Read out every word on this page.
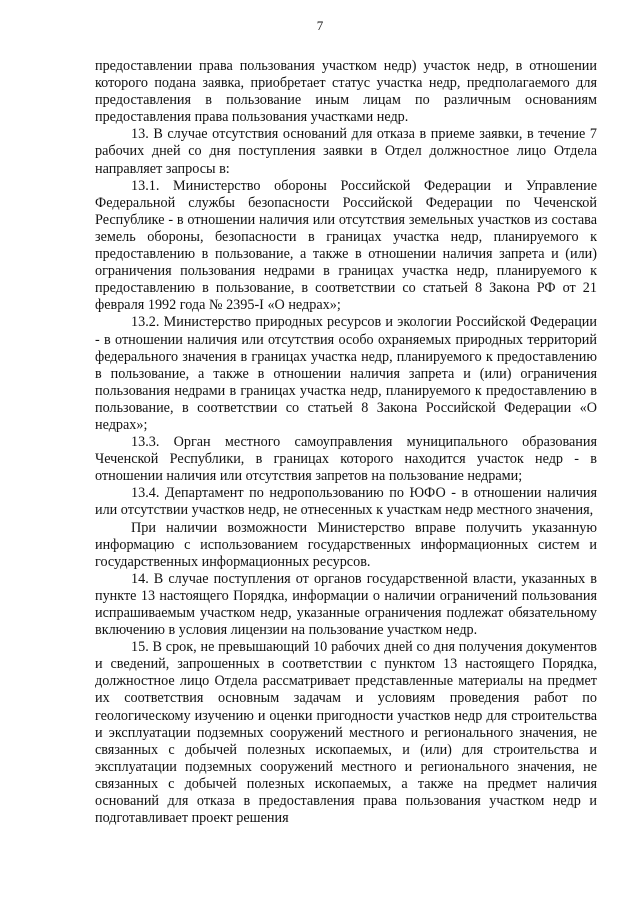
7

предоставлении права пользования участком недр) участок недр, в отношении которого подана заявка, приобретает статус участка недр, предполагаемого для предоставления в пользование иным лицам по различным основаниям предоставления права пользования участками недр.

13. В случае отсутствия оснований для отказа в приеме заявки, в течение 7 рабочих дней со дня поступления заявки в Отдел должностное лицо Отдела направляет запросы в:

13.1. Министерство обороны Российской Федерации и Управление Федеральной службы безопасности Российской Федерации по Чеченской Республике - в отношении наличия или отсутствия земельных участков из состава земель обороны, безопасности в границах участка недр, планируемого к предоставлению в пользование, а также в отношении наличия запрета и (или) ограничения пользования недрами в границах участка недр, планируемого к предоставлению в пользование, в соответствии со статьей 8 Закона РФ от 21 февраля 1992 года № 2395-I «О недрах»;

13.2. Министерство природных ресурсов и экологии Российской Федерации - в отношении наличия или отсутствия особо охраняемых природных территорий федерального значения в границах участка недр, планируемого к предоставлению в пользование, а также в отношении наличия запрета и (или) ограничения пользования недрами в границах участка недр, планируемого к предоставлению в пользование, в соответствии со статьей 8 Закона Российской Федерации «О недрах»;

13.3. Орган местного самоуправления муниципального образования Чеченской Республики, в границах которого находится участок недр - в отношении наличия или отсутствия запретов на пользование недрами;

13.4. Департамент по недропользованию по ЮФО - в отношении наличия или отсутствии участков недр, не отнесенных к участкам недр местного значения,

При наличии возможности Министерство вправе получить указанную информацию с использованием государственных информационных систем и государственных информационных ресурсов.

14. В случае поступления от органов государственной власти, указанных в пункте 13 настоящего Порядка, информации о наличии ограничений пользования испрашиваемым участком недр, указанные ограничения подлежат обязательному включению в условия лицензии на пользование участком недр.

15. В срок, не превышающий 10 рабочих дней со дня получения документов и сведений, запрошенных в соответствии с пунктом 13 настоящего Порядка, должностное лицо Отдела рассматривает представленные материалы на предмет их соответствия основным задачам и условиям проведения работ по геологическому изучению и оценки пригодности участков недр для строительства и эксплуатации подземных сооружений местного и регионального значения, не связанных с добычей полезных ископаемых, и (или) для строительства и эксплуатации подземных сооружений местного и регионального значения, не связанных с добычей полезных ископаемых, а также на предмет наличия оснований для отказа в предоставления права пользования участком недр и подготавливает проект решения
